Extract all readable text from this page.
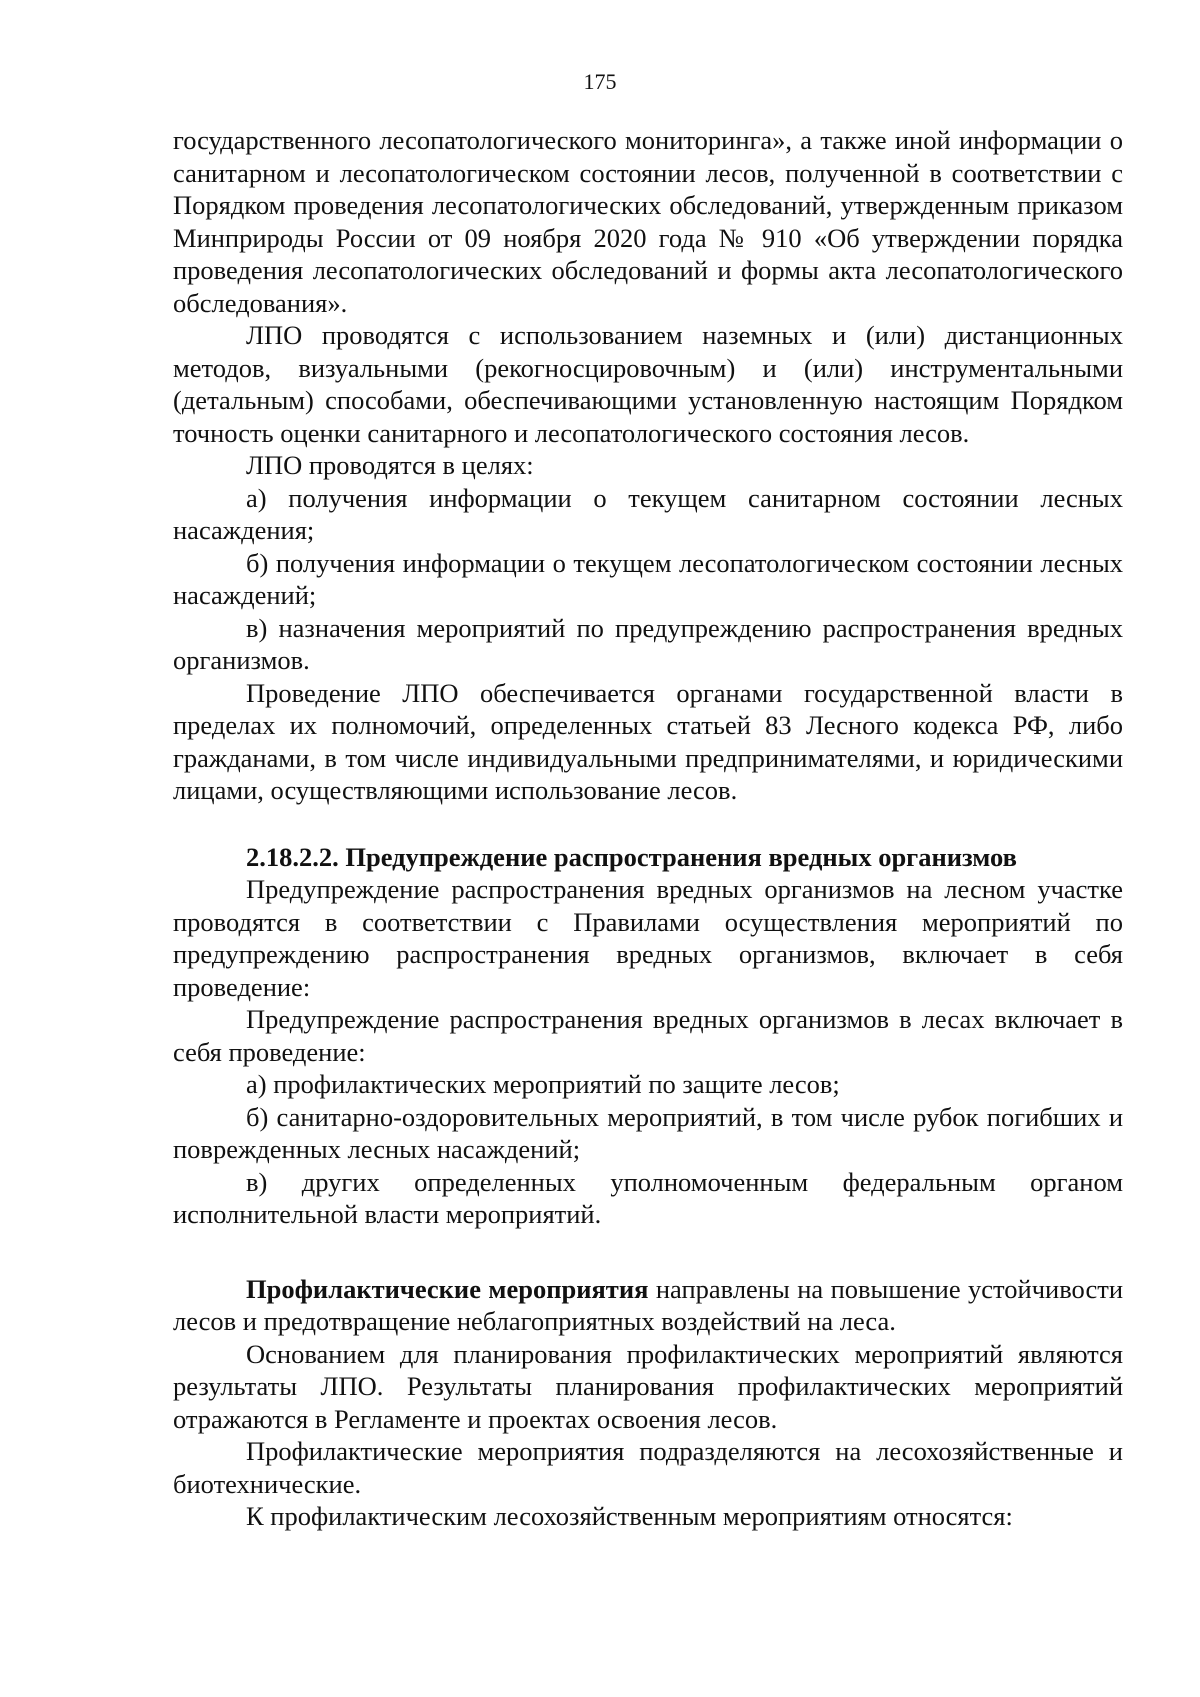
175

государственного лесопатологического мониторинга», а также иной информации о санитарном и лесопатологическом состоянии лесов, полученной в соответствии с Порядком проведения лесопатологических обследований, утвержденным приказом Минприроды России от 09 ноября 2020 года № 910 «Об утверждении порядка проведения лесопатологических обследований и формы акта лесопатологического обследования».

ЛПО проводятся с использованием наземных и (или) дистанционных методов, визуальными (рекогносцировочным) и (или) инструментальными (детальным) способами, обеспечивающими установленную настоящим Порядком точность оценки санитарного и лесопатологического состояния лесов.

ЛПО проводятся в целях:

а) получения информации о текущем санитарном состоянии лесных насаждения;

б) получения информации о текущем лесопатологическом состоянии лесных насаждений;

в) назначения мероприятий по предупреждению распространения вредных организмов.

Проведение ЛПО обеспечивается органами государственной власти в пределах их полномочий, определенных статьей 83 Лесного кодекса РФ, либо гражданами, в том числе индивидуальными предпринимателями, и юридическими лицами, осуществляющими использование лесов.

2.18.2.2. Предупреждение распространения вредных организмов

Предупреждение распространения вредных организмов на лесном участке проводятся в соответствии с Правилами осуществления мероприятий по предупреждению распространения вредных организмов, включает в себя проведение:

Предупреждение распространения вредных организмов в лесах включает в себя проведение:

а) профилактических мероприятий по защите лесов;

б) санитарно-оздоровительных мероприятий, в том числе рубок погибших и поврежденных лесных насаждений;

в) других определенных уполномоченным федеральным органом исполнительной власти мероприятий.

Профилактические мероприятия направлены на повышение устойчивости лесов и предотвращение неблагоприятных воздействий на леса.

Основанием для планирования профилактических мероприятий являются результаты ЛПО. Результаты планирования профилактических мероприятий отражаются в Регламенте и проектах освоения лесов.

Профилактические мероприятия подразделяются на лесохозяйственные и биотехнические.

К профилактическим лесохозяйственным мероприятиям относятся:
